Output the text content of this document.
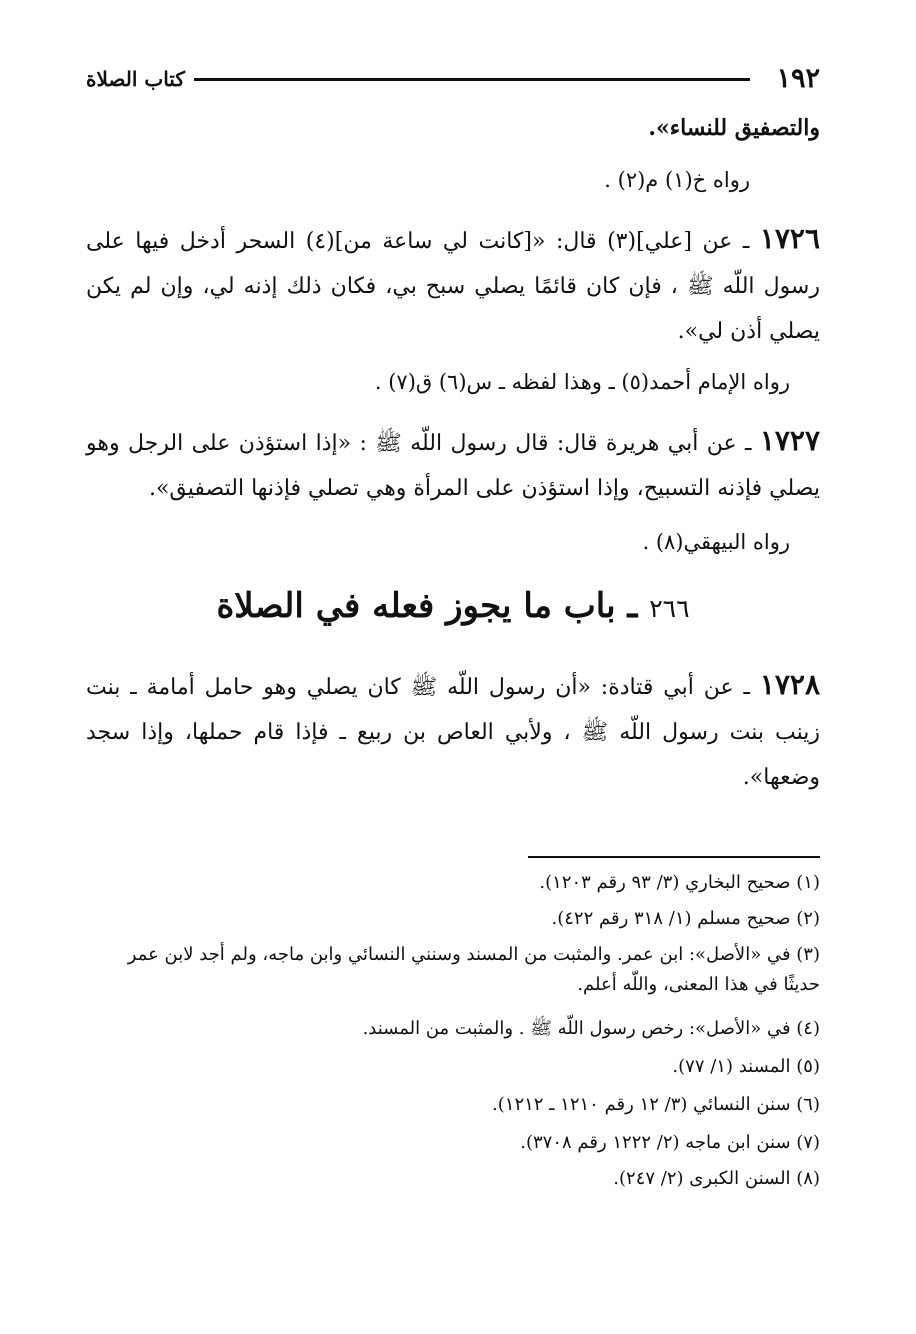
١٩٢
كتاب الصلاة
والتصفيق للنساء».
رواه خ(١) م(٢) .
١٧٢٦ ـ عن [علي](٣) قال: «[كانت لي ساعة من](٤) السحر أدخل فيها على رسول اللّه ﷺ ، فإن كان قائمًا يصلي سبح بي، فكان ذلك إذنه لي، وإن لم يكن يصلي أذن لي».
رواه الإمام أحمد(٥) ـ وهذا لفظه ـ س(٦) ق(٧) .
١٧٢٧ ـ عن أبي هريرة قال: قال رسول اللّه ﷺ : «إذا استؤذن على الرجل وهو يصلي فإذنه التسبيح، وإذا استؤذن على المرأة وهي تصلي فإذنها التصفيق».
رواه البيهقي(٨) .
٢٦٦ ـ باب ما يجوز فعله في الصلاة
١٧٢٨ ـ عن أبي قتادة: «أن رسول اللّه ﷺ كان يصلي وهو حامل أمامة ـ بنت زينب بنت رسول اللّه ﷺ ، ولأبي العاص بن ربيع ـ فإذا قام حملها، وإذا سجد وضعها».
(١) صحيح البخاري (٣/ ٩٣ رقم ١٢٠٣).
(٢) صحيح مسلم (١/ ٣١٨ رقم ٤٢٢).
(٣) في «الأصل»: ابن عمر. والمثبت من المسند وسنني النسائي وابن ماجه، ولم أجد لابن عمر حديثًا في هذا المعنى، واللّه أعلم.
(٤) في «الأصل»: رخص رسول اللّه ﷺ . والمثبت من المسند.
(٥) المسند (١/ ٧٧).
(٦) سنن النسائي (٣/ ١٢ رقم ١٢١٠ ـ ١٢١٢).
(٧) سنن ابن ماجه (٢/ ١٢٢٢ رقم ٣٧٠٨).
(٨) السنن الكبرى (٢/ ٢٤٧).
